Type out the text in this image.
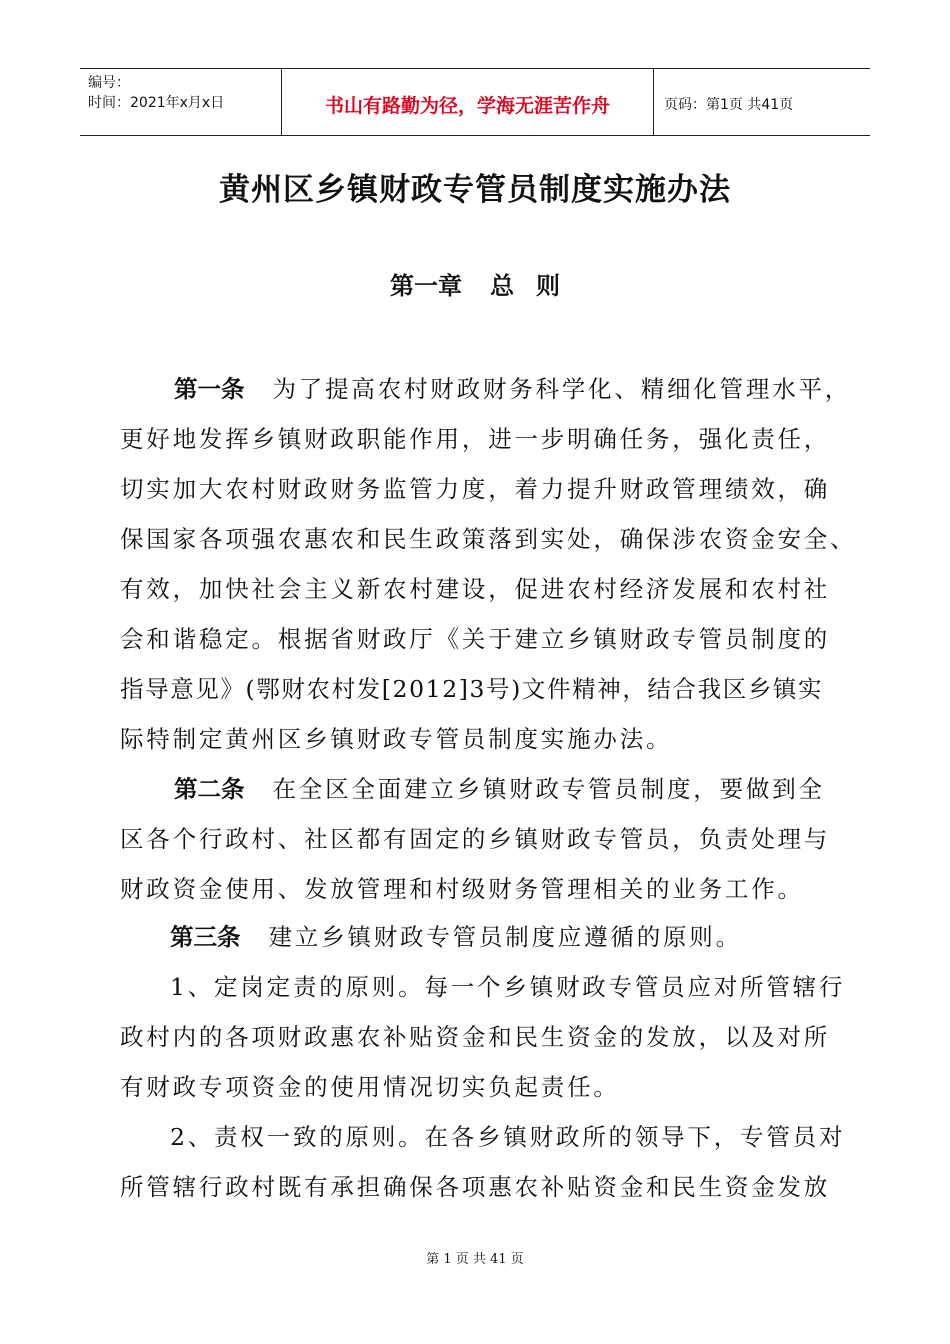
编号：
时间：2021年x月x日	书山有路勤为径，学海无涯苦作舟	页码：第1页 共41页
黄州区乡镇财政专管员制度实施办法
第一章 总 则
第一条 为了提高农村财政财务科学化、精细化管理水平，
更好地发挥乡镇财政职能作用，进一步明确任务，强化责任，
切实加大农村财政财务监管力度，着力提升财政管理绩效，确
保国家各项强农惠农和民生政策落到实处，确保涉农资金安全、
有效，加快社会主义新农村建设，促进农村经济发展和农村社
会和谐稳定。根据省财政厅《关于建立乡镇财政专管员制度的
指导意见》(鄂财农村发[2012]3号)文件精神，结合我区乡镇实
际特制定黄州区乡镇财政专管员制度实施办法。
第二条 在全区全面建立乡镇财政专管员制度，要做到全
区各个行政村、社区都有固定的乡镇财政专管员，负责处理与
财政资金使用、发放管理和村级财务管理相关的业务工作。
第三条 建立乡镇财政专管员制度应遵循的原则。
1、定岗定责的原则。每一个乡镇财政专管员应对所管辖行
政村内的各项财政惠农补贴资金和民生资金的发放，以及对所
有财政专项资金的使用情况切实负起责任。
2、责权一致的原则。在各乡镇财政所的领导下，专管员对
所管辖行政村既有承担确保各项惠农补贴资金和民生资金发放
第 1 页 共 41 页
